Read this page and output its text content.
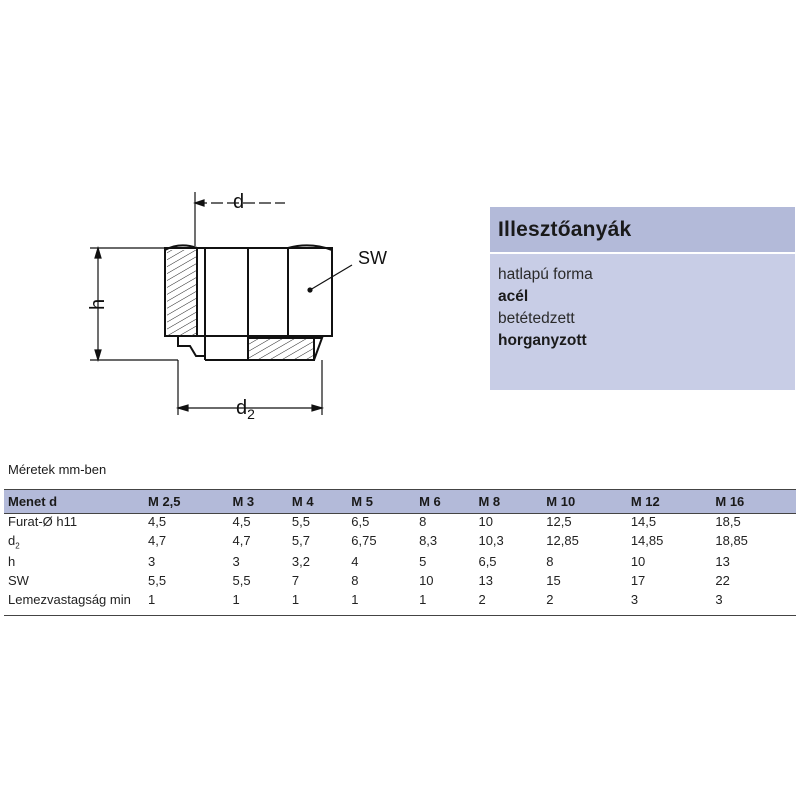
d
h
SW
$d_2$
Illesztőanyák
hatlapú forma
acél
betétedzett
horganyzott
Méretek mm-ben
Menet d	M 2,5	M 3	M 4	M 5	M 6	M 8	M 10	M 12	M 16
Furat-Ø h11	4,5	4,5	5,5	6,5	8	10	12,5	14,5	18,5
$d_2$	4,7	4,7	5,7	6,75	8,3	10,3	12,85	14,85	18,85
h	3	3	3,2	4	5	6,5	8	10	13
SW	5,5	5,5	7	8	10	13	15	17	22
Lemezvastagság min	1	1	1	1	1	2	2	3	3
